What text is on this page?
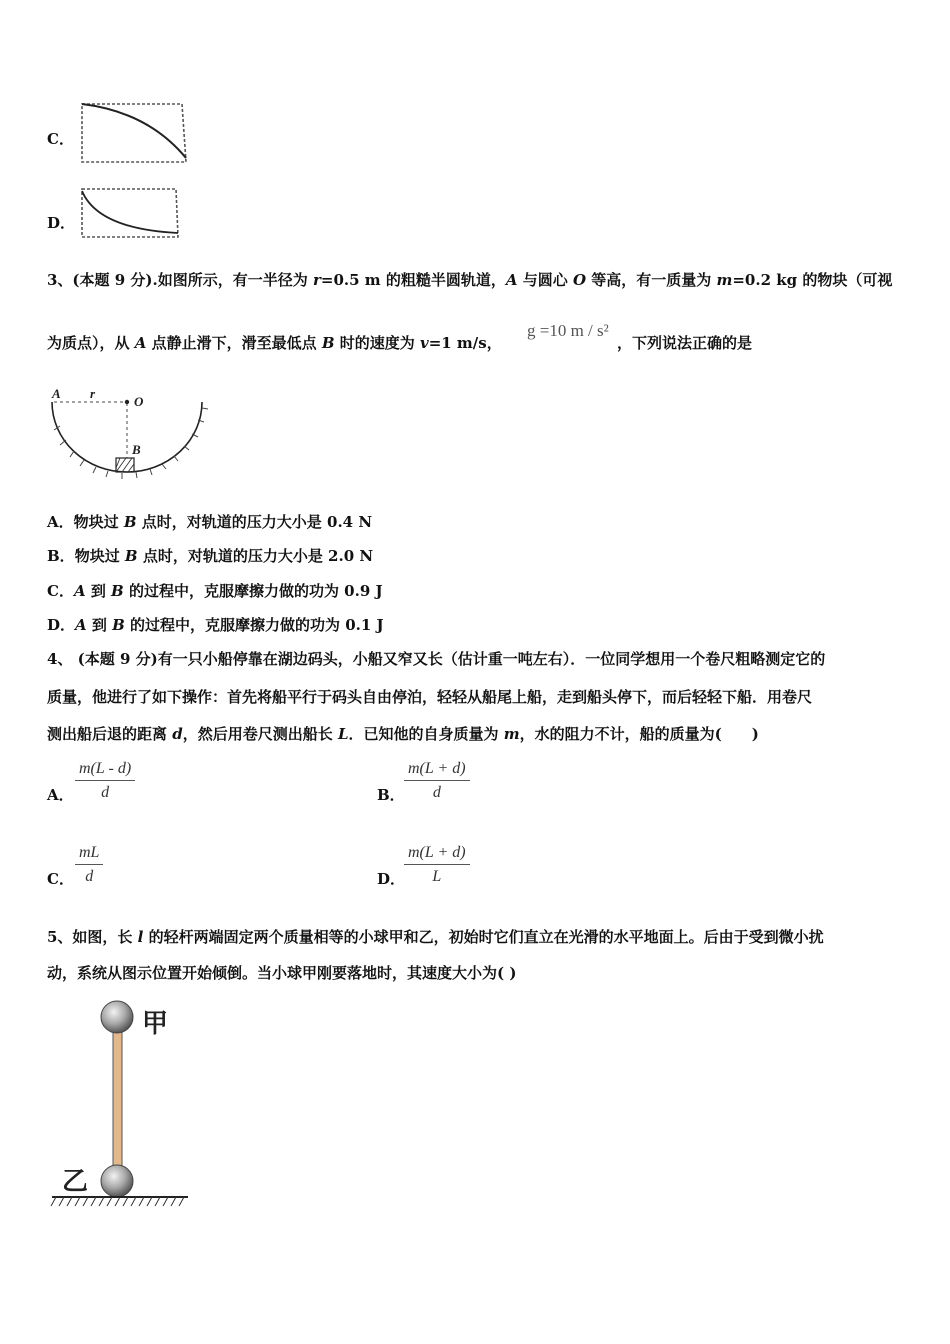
C．
D．
3、(本题 9 分).如图所示，有一半径为 r=0.5 m 的粗糙半圆轨道，A 与圆心 O 等高，有一质量为 m=0.2 kg 的物块（可视
为质点），从 A 点静止滑下，滑至最低点 B 时的速度为 v=1 m/s，
g =10 m / s²
，下列说法正确的是
A r
O
B
A．物块过 B 点时，对轨道的压力大小是 0.4 N
B．物块过 B 点时，对轨道的压力大小是 2.0 N
C．A 到 B 的过程中，克服摩擦力做的功为 0.9 J
D．A 到 B 的过程中，克服摩擦力做的功为 0.1 J
4、 (本题 9 分)有一只小船停靠在湖边码头，小船又窄又长（估计重一吨左右）．一位同学想用一个卷尺粗略测定它的
质量，他进行了如下操作：首先将船平行于码头自由停泊，轻轻从船尾上船，走到船头停下，而后轻轻下船．用卷尺
测出船后退的距离 d，然后用卷尺测出船长 L．已知他的自身质量为 m，水的阻力不计，船的质量为(　　)
A． $\frac{m(L - d)}{d}$	B． $\frac{m(L + d)}{d}$
C． $\frac{mL}{d}$	D．
$\frac{m(L + d)}{L}$
5、如图，长 l 的轻杆两端固定两个质量相等的小球甲和乙，初始时它们直立在光滑的水平地面上。后由于受到微小扰
动，系统从图示位置开始倾倒。当小球甲刚要落地时，其速度大小为( )
甲
乙
